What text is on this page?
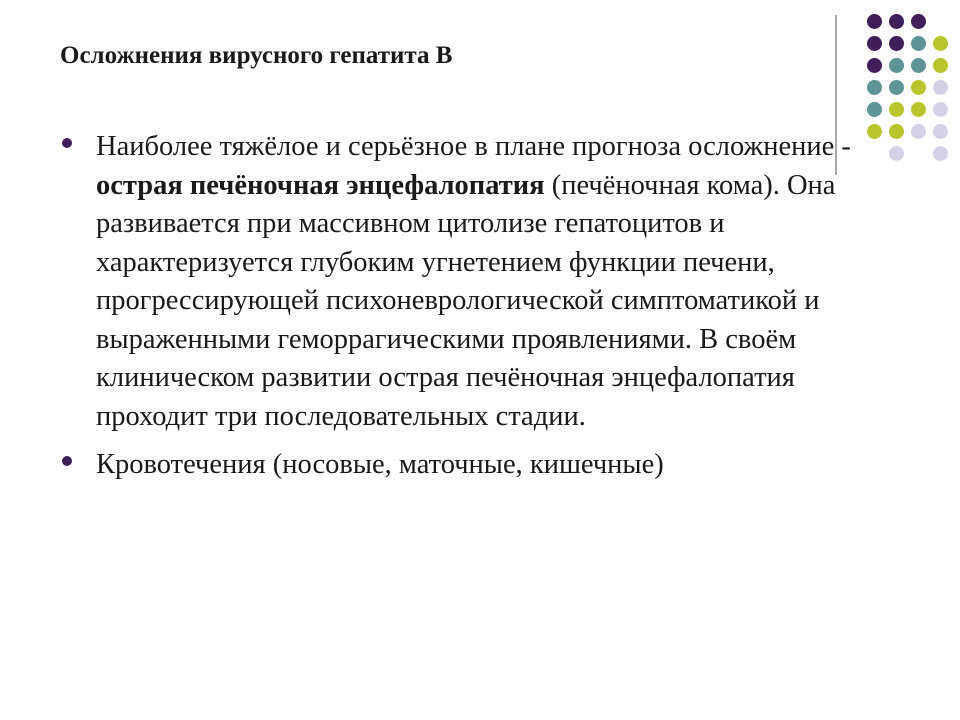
Осложнения вирусного гепатита В

Наиболее тяжёлое и серьёзное в плане прогноза осложнение - острая печёночная энцефалопатия (печёночная кома). Она развивается при массивном цитолизе гепатоцитов и характеризуется глубоким угнетением функции печени, прогрессирующей психоневрологической симптоматикой и выраженными геморрагическими проявлениями. В своём клиническом развитии острая печёночная энцефалопатия проходит три последовательных стадии.

Кровотечения (носовые, маточные, кишечные)
